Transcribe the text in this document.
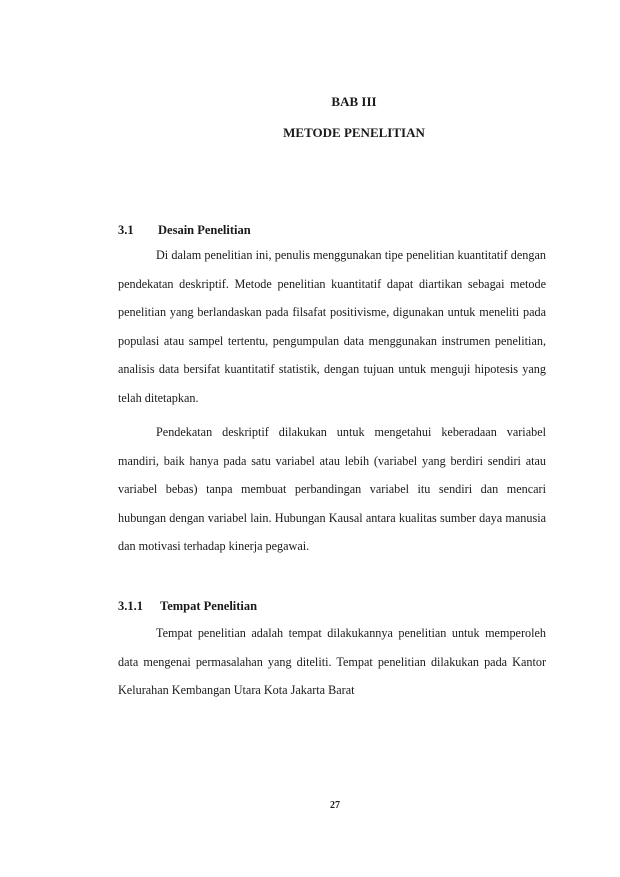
BAB III
METODE PENELITIAN
3.1 Desain Penelitian

Di dalam penelitian ini, penulis menggunakan tipe penelitian kuantitatif dengan pendekatan deskriptif. Metode penelitian kuantitatif dapat diartikan sebagai metode penelitian yang berlandaskan pada filsafat positivisme, digunakan untuk meneliti pada populasi atau sampel tertentu, pengumpulan data menggunakan instrumen penelitian, analisis data bersifat kuantitatif statistik, dengan tujuan untuk menguji hipotesis yang telah ditetapkan.

Pendekatan deskriptif dilakukan untuk mengetahui keberadaan variabel mandiri, baik hanya pada satu variabel atau lebih (variabel yang berdiri sendiri atau variabel bebas) tanpa membuat perbandingan variabel itu sendiri dan mencari hubungan dengan variabel lain. Hubungan Kausal antara kualitas sumber daya manusia dan motivasi terhadap kinerja pegawai.

3.1.1 Tempat Penelitian

Tempat penelitian adalah tempat dilakukannya penelitian untuk memperoleh data mengenai permasalahan yang diteliti. Tempat penelitian dilakukan pada Kantor Kelurahan Kembangan Utara Kota Jakarta Barat

27
